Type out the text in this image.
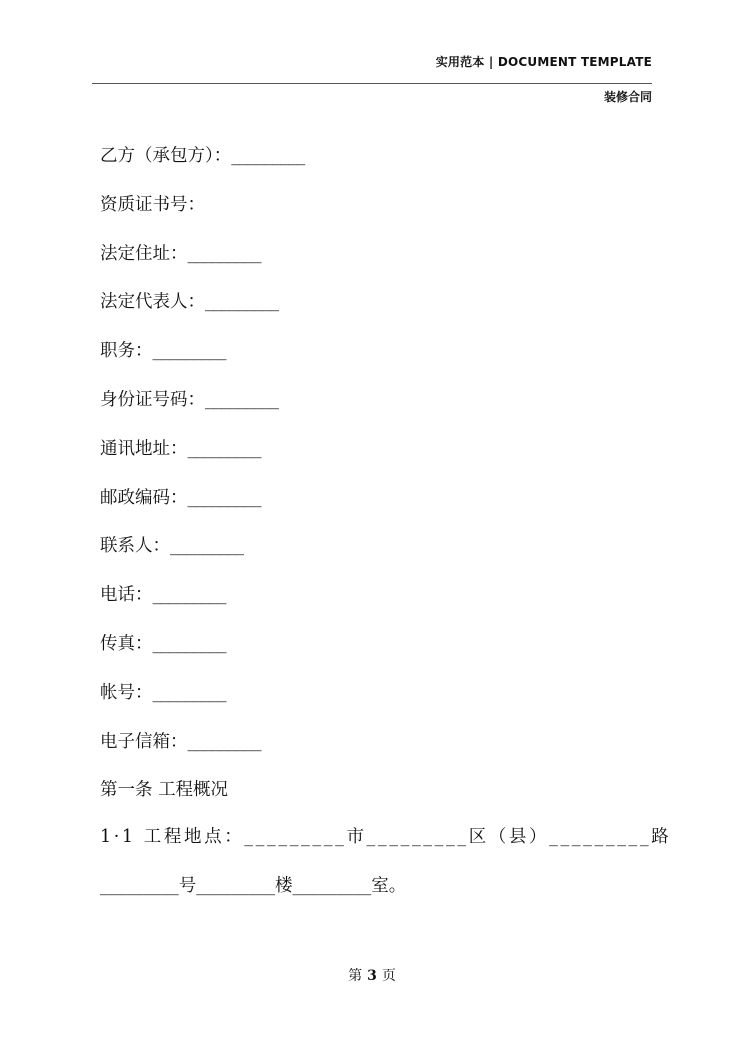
实用范本 | DOCUMENT TEMPLATE
装修合同
乙方（承包方）：_________
资质证书号：
法定住址：_________
法定代表人：_________
职务：_________
身份证号码：_________
通讯地址：_________
邮政编码：_________
联系人：_________
电话：_________
传真：_________
帐号：_________
电子信箱：_________
第一条 工程概况
1·1 工程地点：_________市_________区（县）_________路
_________号_________楼_________室。
第 3 页
